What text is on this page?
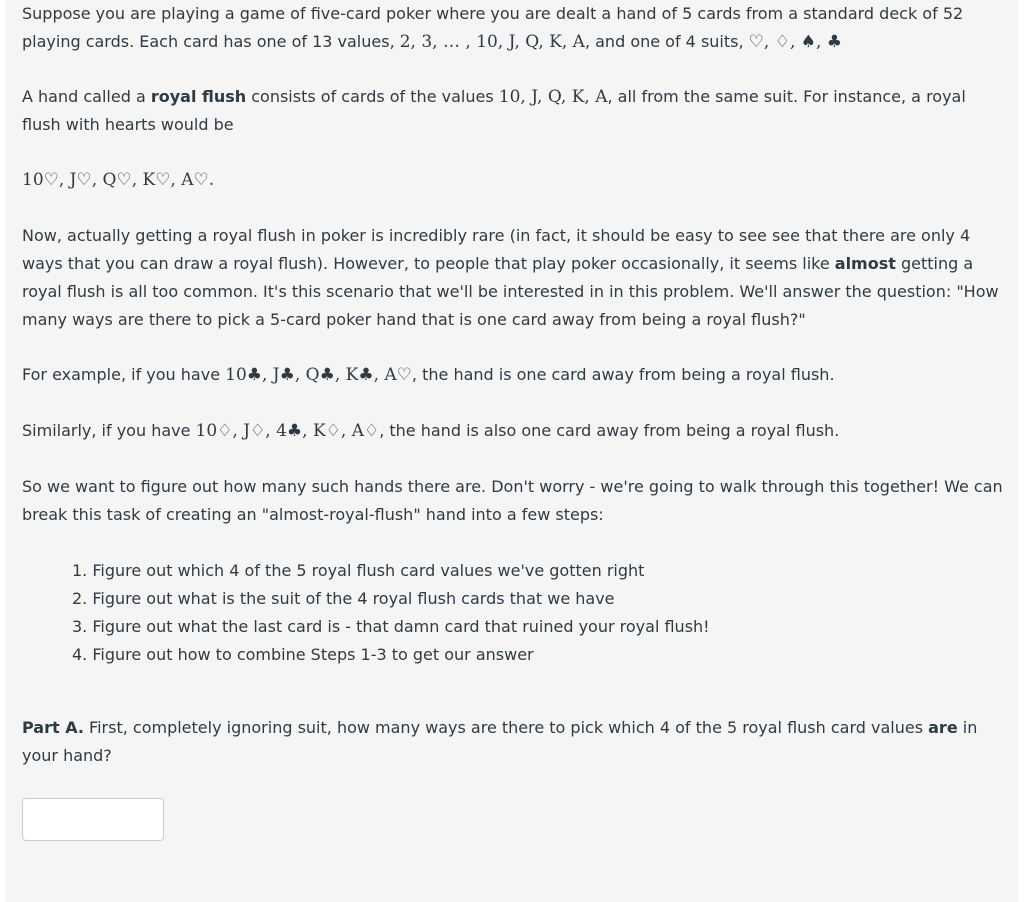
Suppose you are playing a game of five-card poker where you are dealt a hand of 5 cards from a standard deck of 52 playing cards. Each card has one of 13 values, 2, 3, … , 10, J, Q, K, A, and one of 4 suits, ♡, ♢, ♠, ♣

A hand called a royal flush consists of cards of the values 10, J, Q, K, A, all from the same suit. For instance, a royal flush with hearts would be

10♡, J♡, Q♡, K♡, A♡.

Now, actually getting a royal flush in poker is incredibly rare (in fact, it should be easy to see see that there are only 4 ways that you can draw a royal flush). However, to people that play poker occasionally, it seems like almost getting a royal flush is all too common. It's this scenario that we'll be interested in in this problem. We'll answer the question: "How many ways are there to pick a 5-card poker hand that is one card away from being a royal flush?"

For example, if you have 10♣, J♣, Q♣, K♣, A♡, the hand is one card away from being a royal flush.

Similarly, if you have 10♢, J♢, 4♣, K♢, A♢, the hand is also one card away from being a royal flush.

So we want to figure out how many such hands there are. Don't worry - we're going to walk through this together! We can break this task of creating an "almost-royal-flush" hand into a few steps:

1. Figure out which 4 of the 5 royal flush card values we've gotten right
2. Figure out what is the suit of the 4 royal flush cards that we have
3. Figure out what the last card is - that damn card that ruined your royal flush!
4. Figure out how to combine Steps 1-3 to get our answer

Part A. First, completely ignoring suit, how many ways are there to pick which 4 of the 5 royal flush card values are in your hand?
